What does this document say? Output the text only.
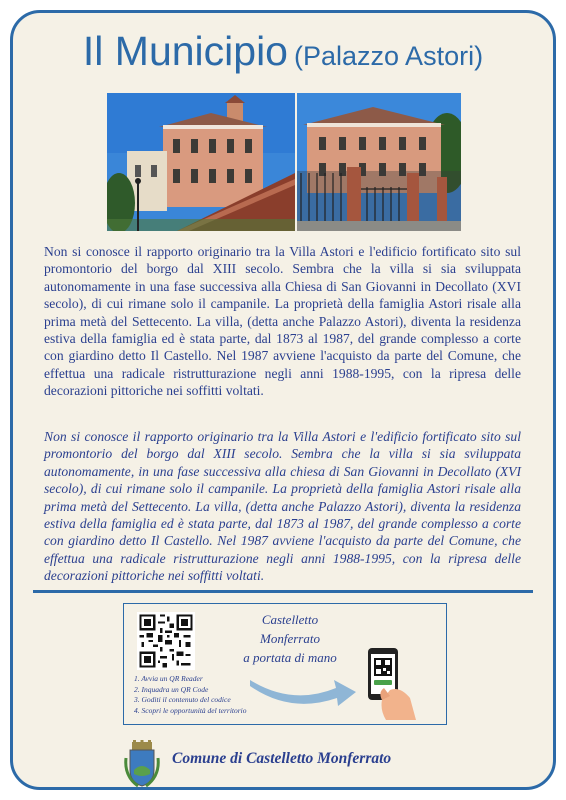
Il Municipio (Palazzo Astori)

Non si conosce il rapporto originario tra la Villa Astori e l'edificio fortificato sito sul promontorio del borgo dal XIII secolo. Sembra che la villa si sia sviluppata autonomamente in una fase successiva alla Chiesa di San Giovanni in Decollato (XVI secolo), di cui rimane solo il campanile. La proprietà della famiglia Astori risale alla prima metà del Settecento. La villa, (detta anche Palazzo Astori), diventa la residenza estiva della famiglia ed è stata parte, dal 1873 al 1987, del grande complesso a corte con giardino detto Il Castello. Nel 1987 avviene l'acquisto da parte del Comune, che effettua una radicale ristrutturazione negli anni 1988-1995, con la ripresa delle decorazioni pittoriche nei soffitti voltati.

Non si conosce il rapporto originario tra la Villa Astori e l'edificio fortificato sito sul promontorio del borgo dal XIII secolo. Sembra che la villa si sia sviluppata autonomamente, in una fase successiva alla chiesa di San Giovanni in Decollato (XVI secolo), di cui rimane solo il campanile. La proprietà della famiglia Astori risale alla prima metà del Settecento. La villa, (detta anche Palazzo Astori), diventa la residenza estiva della famiglia ed è stata parte, dal 1873 al 1987, del grande complesso a corte con giardino detto Il Castello. Nel 1987 avviene l'acquisto da parte del Comune, che effettua una radicale ristrutturazione negli anni 1988-1995, con la ripresa delle decorazioni pittoriche nei soffitti voltati.

1. Avvia un QR Reader
2. Inquadra un QR Code
3. Goditi il contenuto del codice
4. Scopri le opportunità del territorio
Castelletto
Monferrato
a portata di mano
Comune di Castelletto Monferrato
